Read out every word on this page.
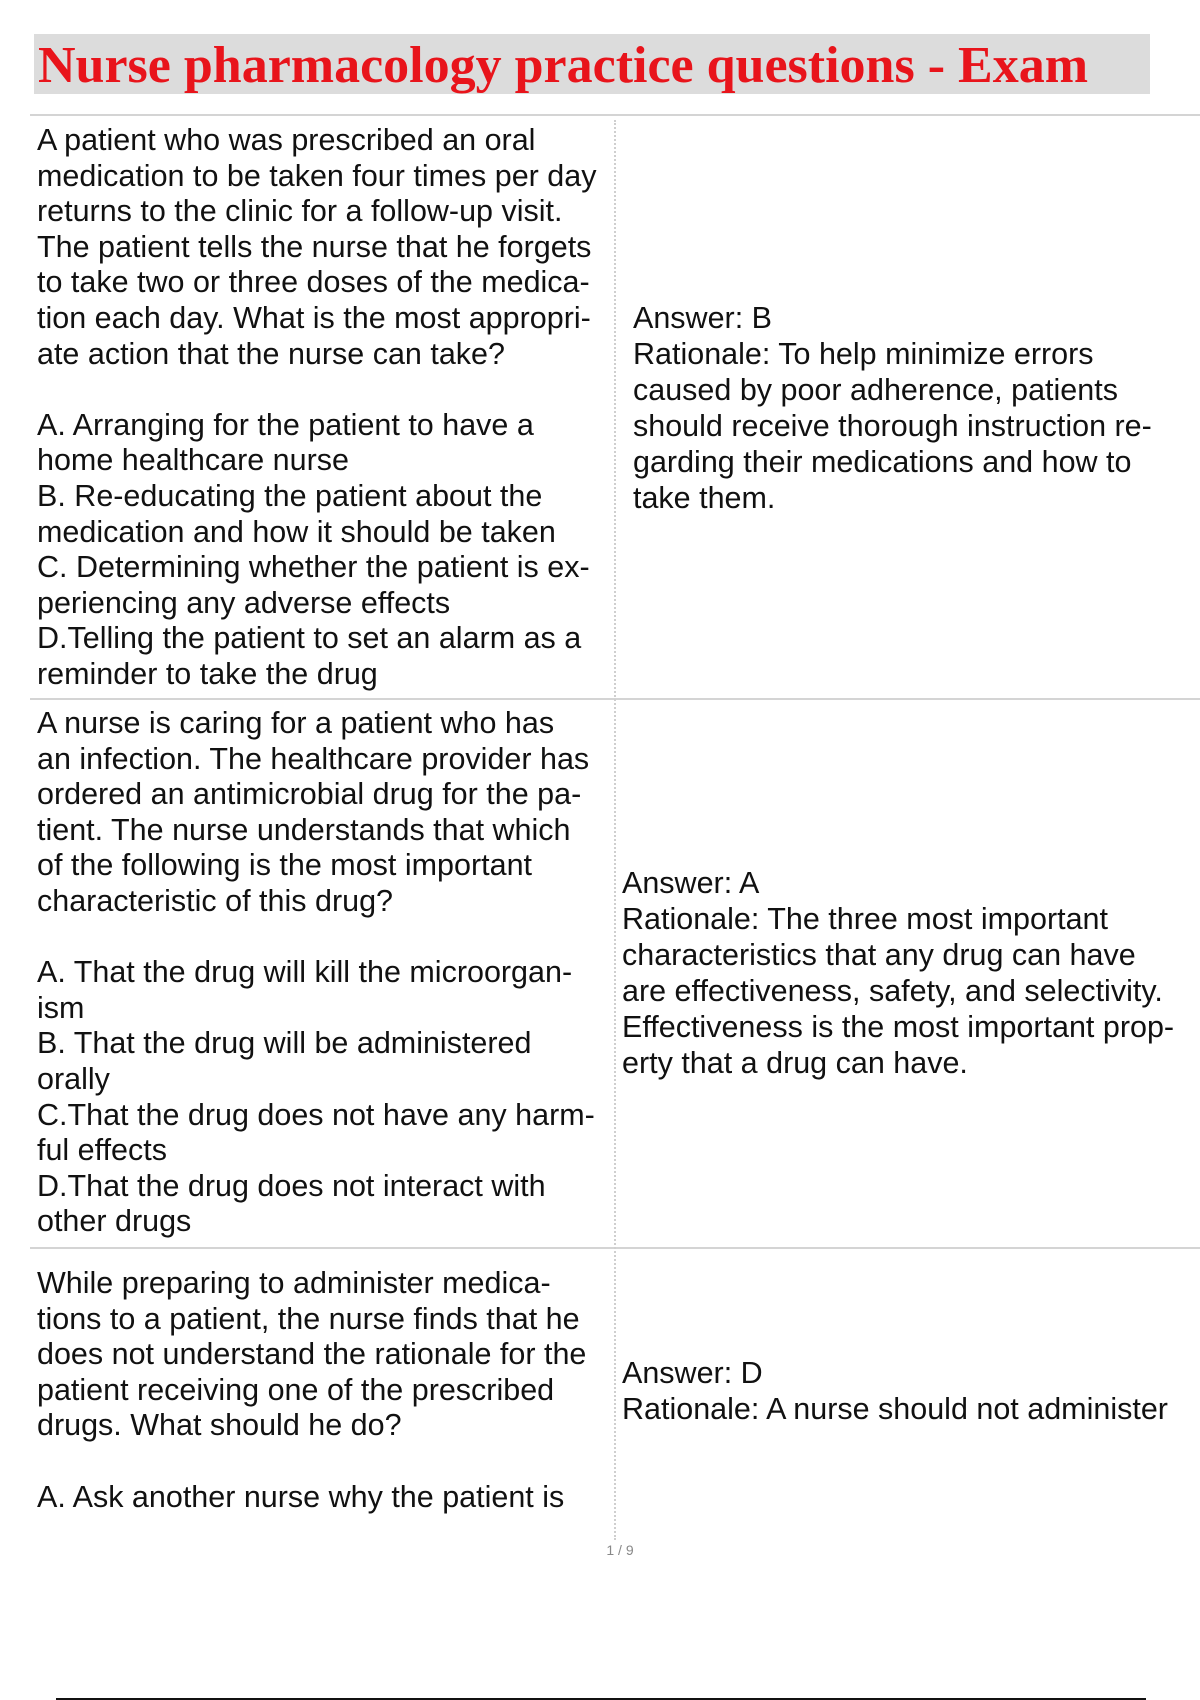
Nurse pharmacology practice questions - Exam

A patient who was prescribed an oral

medication to be taken four times per day

returns to the clinic for a follow-up visit.

The patient tells the nurse that he forgets

to take two or three doses of the medica-

tion each day. What is the most appropri-

ate action that the nurse can take?

A. Arranging for the patient to have a

home healthcare nurse

B. Re-educating the patient about the

medication and how it should be taken

C. Determining whether the patient is ex-

periencing any adverse effects

D.Telling the patient to set an alarm as a

reminder to take the drug

Answer: B

Rationale: To help minimize errors

caused by poor adherence, patients

should receive thorough instruction re-

garding their medications and how to

take them.

A nurse is caring for a patient who has

an infection. The healthcare provider has

ordered an antimicrobial drug for the pa-

tient. The nurse understands that which

of the following is the most important

characteristic of this drug?

A. That the drug will kill the microorgan-

ism

B. That the drug will be administered

orally

C.That the drug does not have any harm-

ful effects

D.That the drug does not interact with

other drugs

Answer: A

Rationale: The three most important

characteristics that any drug can have

are effectiveness, safety, and selectivity.

Effectiveness is the most important prop-

erty that a drug can have.

While preparing to administer medica-

tions to a patient, the nurse finds that he

does not understand the rationale for the

patient receiving one of the prescribed

drugs. What should he do?

A. Ask another nurse why the patient is

Answer: D

Rationale: A nurse should not administer

1 / 9
